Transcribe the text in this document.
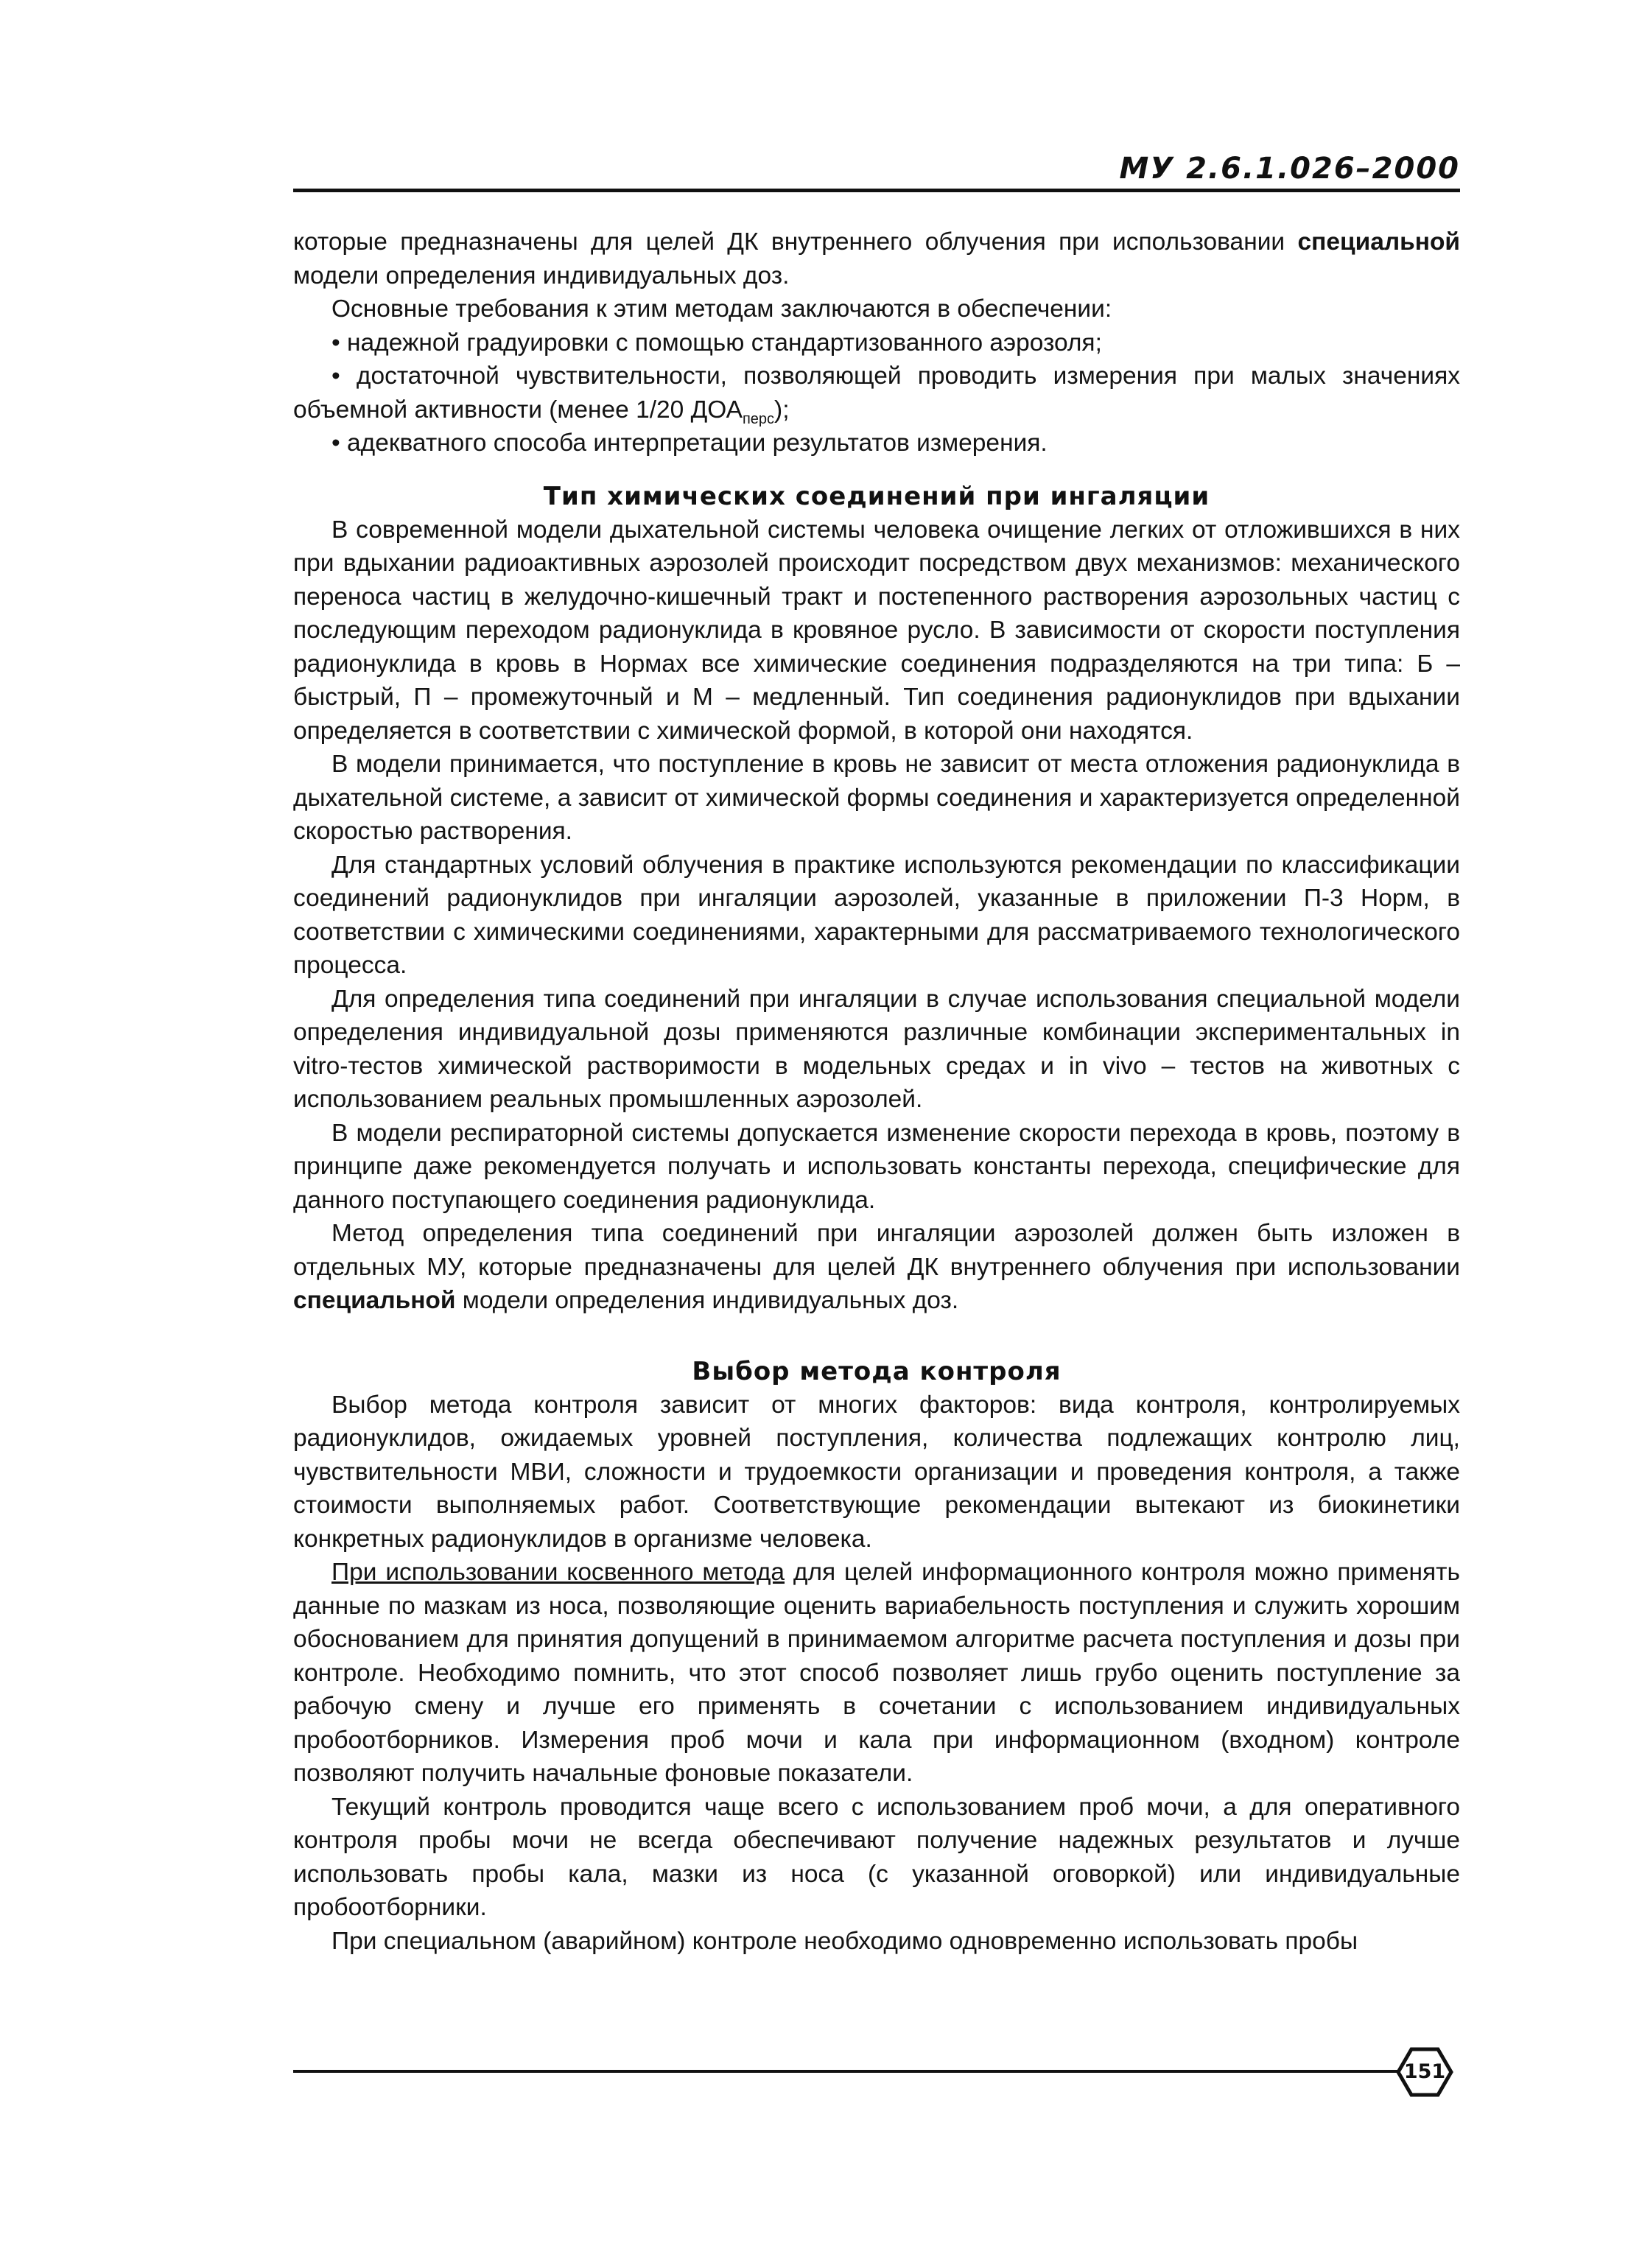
МУ 2.6.1.026–2000

которые предназначены для целей ДК внутреннего облучения при использовании специальной модели определения индивидуальных доз.

Основные требования к этим методам заключаются в обеспечении:

• надежной градуировки с помощью стандартизованного аэрозоля;

• достаточной чувствительности, позволяющей проводить измерения при малых значениях объемной активности (менее 1/20 $ДОА_{перс}$);

• адекватного способа интерпретации результатов измерения.

Тип химических соединений при ингаляции

В современной модели дыхательной системы человека очищение легких от отложившихся в них при вдыхании радиоактивных аэрозолей происходит посредством двух механизмов: механического переноса частиц в желудочно-кишечный тракт и постепенного растворения аэрозольных частиц с последующим переходом радионуклида в кровяное русло. В зависимости от скорости поступления радионуклида в кровь в Нормах все химические соединения подразделяются на три типа: Б – быстрый, П – промежуточный и М – медленный. Тип соединения радионуклидов при вдыхании определяется в соответствии с химической формой, в которой они находятся.

В модели принимается, что поступление в кровь не зависит от места отложения радионуклида в дыхательной системе, а зависит от химической формы соединения и характеризуется определенной скоростью растворения.

Для стандартных условий облучения в практике используются рекомендации по классификации соединений радионуклидов при ингаляции аэрозолей, указанные в приложении П-3 Норм, в соответствии с химическими соединениями, характерными для рассматриваемого технологического процесса.

Для определения типа соединений при ингаляции в случае использования специальной модели определения индивидуальной дозы применяются различные комбинации экспериментальных in vitro-тестов химической растворимости в модельных средах и in vivo – тестов на животных с использованием реальных промышленных аэрозолей.

В модели респираторной системы допускается изменение скорости перехода в кровь, поэтому в принципе даже рекомендуется получать и использовать константы перехода, специфические для данного поступающего соединения радионуклида.

Метод определения типа соединений при ингаляции аэрозолей должен быть изложен в отдельных МУ, которые предназначены для целей ДК внутреннего облучения при использовании специальной модели определения индивидуальных доз.

Выбор метода контроля

Выбор метода контроля зависит от многих факторов: вида контроля, контролируемых радионуклидов, ожидаемых уровней поступления, количества подлежащих контролю лиц, чувствительности МВИ, сложности и трудоемкости организации и проведения контроля, а также стоимости выполняемых работ. Соответствующие рекомендации вытекают из биокинетики конкретных радионуклидов в организме человека.

При использовании косвенного метода для целей информационного контроля можно применять данные по мазкам из носа, позволяющие оценить вариабельность поступления и служить хорошим обоснованием для принятия допущений в принимаемом алгоритме расчета поступления и дозы при контроле. Необходимо помнить, что этот способ позволяет лишь грубо оценить поступление за рабочую смену и лучше его применять в сочетании с использованием индивидуальных пробоотборников. Измерения проб мочи и кала при информационном (входном) контроле позволяют получить начальные фоновые показатели.

Текущий контроль проводится чаще всего с использованием проб мочи, а для оперативного контроля пробы мочи не всегда обеспечивают получение надежных результатов и лучше использовать пробы кала, мазки из носа (с указанной оговоркой) или индивидуальные пробоотборники.

При специальном (аварийном) контроле необходимо одновременно использовать пробы

151
